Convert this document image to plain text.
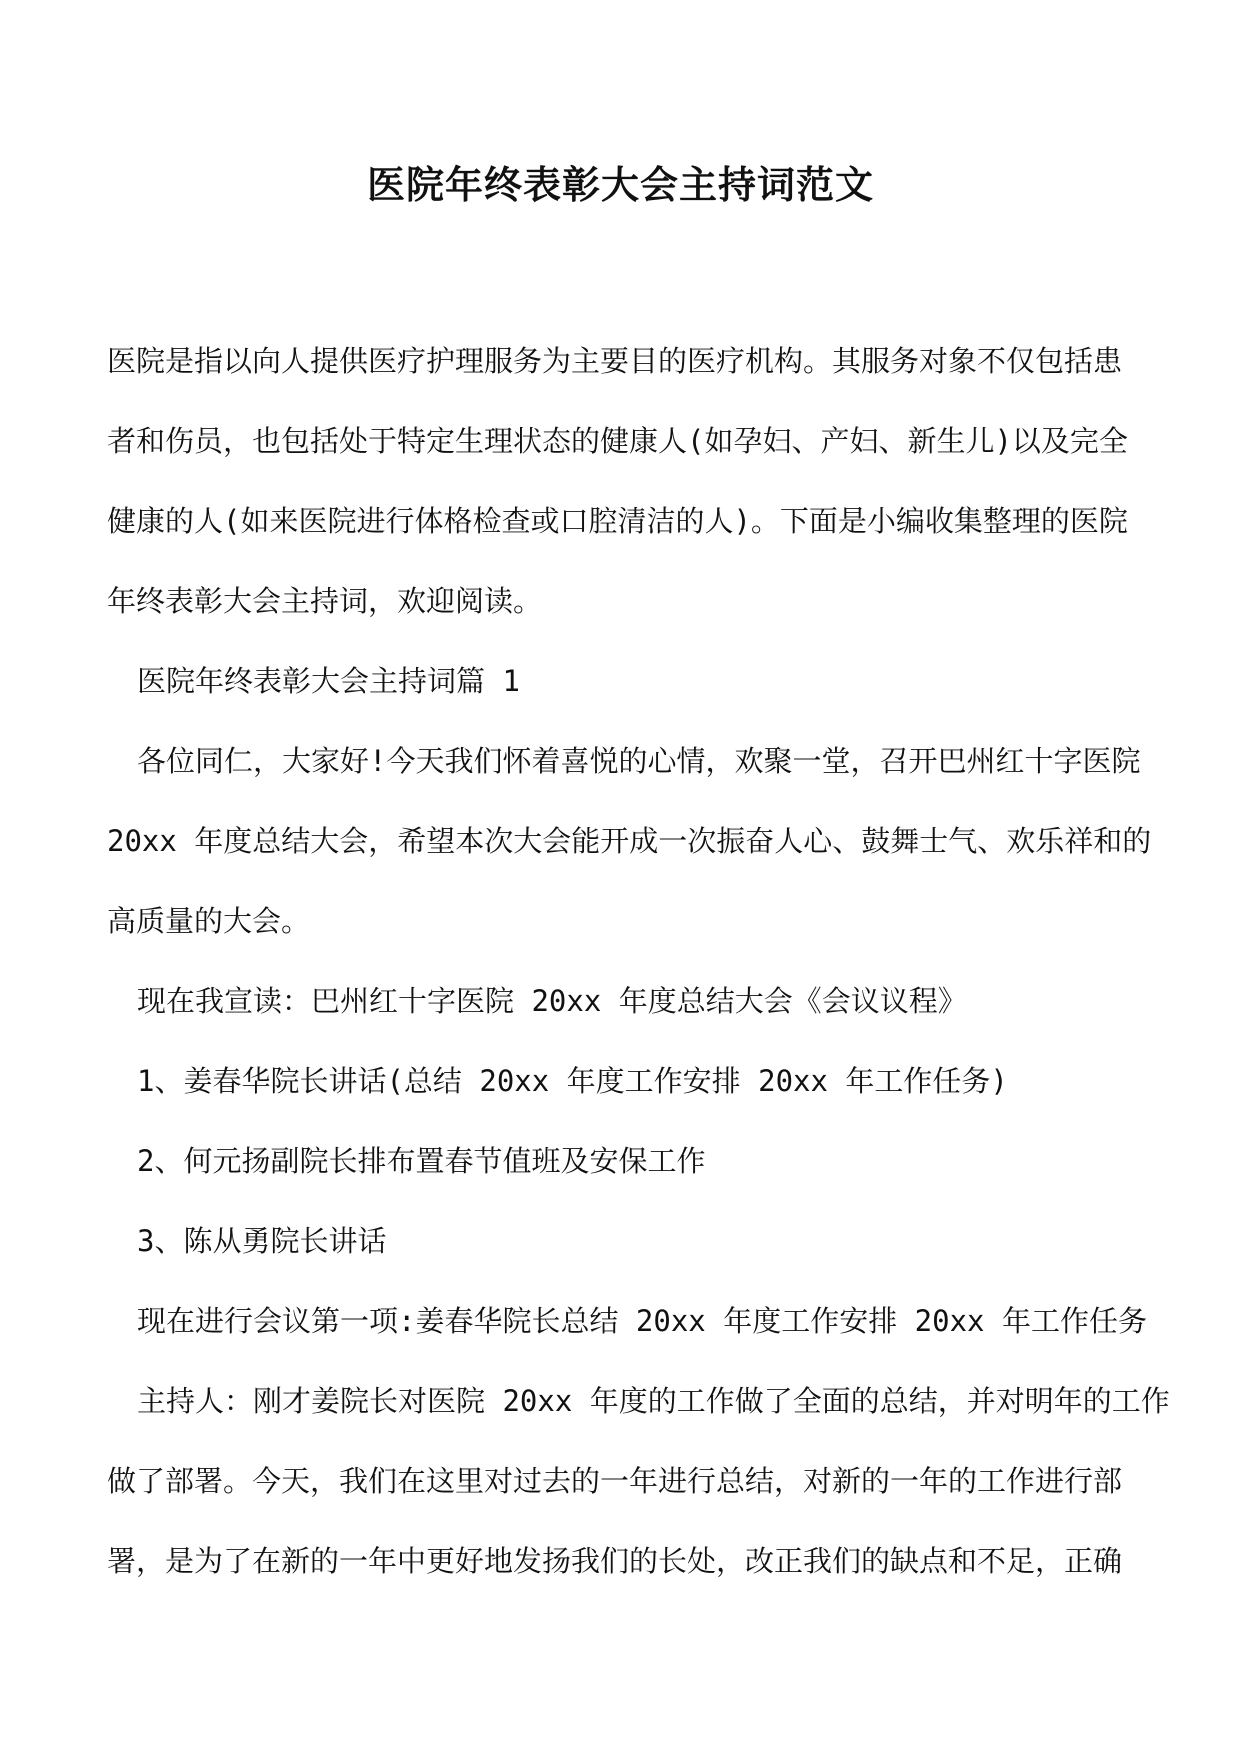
医院年终表彰大会主持词范文
医院是指以向人提供医疗护理服务为主要目的医疗机构。其服务对象不仅包括患
者和伤员，也包括处于特定生理状态的健康人(如孕妇、产妇、新生儿)以及完全
健康的人(如来医院进行体格检查或口腔清洁的人)。下面是小编收集整理的医院
年终表彰大会主持词，欢迎阅读。
医院年终表彰大会主持词篇 1
各位同仁，大家好!今天我们怀着喜悦的心情，欢聚一堂，召开巴州红十字医院
20xx 年度总结大会，希望本次大会能开成一次振奋人心、鼓舞士气、欢乐祥和的
高质量的大会。
现在我宣读：巴州红十字医院 20xx 年度总结大会《会议议程》
1、姜春华院长讲话(总结 20xx 年度工作安排 20xx 年工作任务)
2、何元扬副院长排布置春节值班及安保工作
3、陈从勇院长讲话
现在进行会议第一项:姜春华院长总结 20xx 年度工作安排 20xx 年工作任务
主持人：刚才姜院长对医院 20xx 年度的工作做了全面的总结，并对明年的工作
做了部署。今天，我们在这里对过去的一年进行总结，对新的一年的工作进行部
署，是为了在新的一年中更好地发扬我们的长处，改正我们的缺点和不足，正确
